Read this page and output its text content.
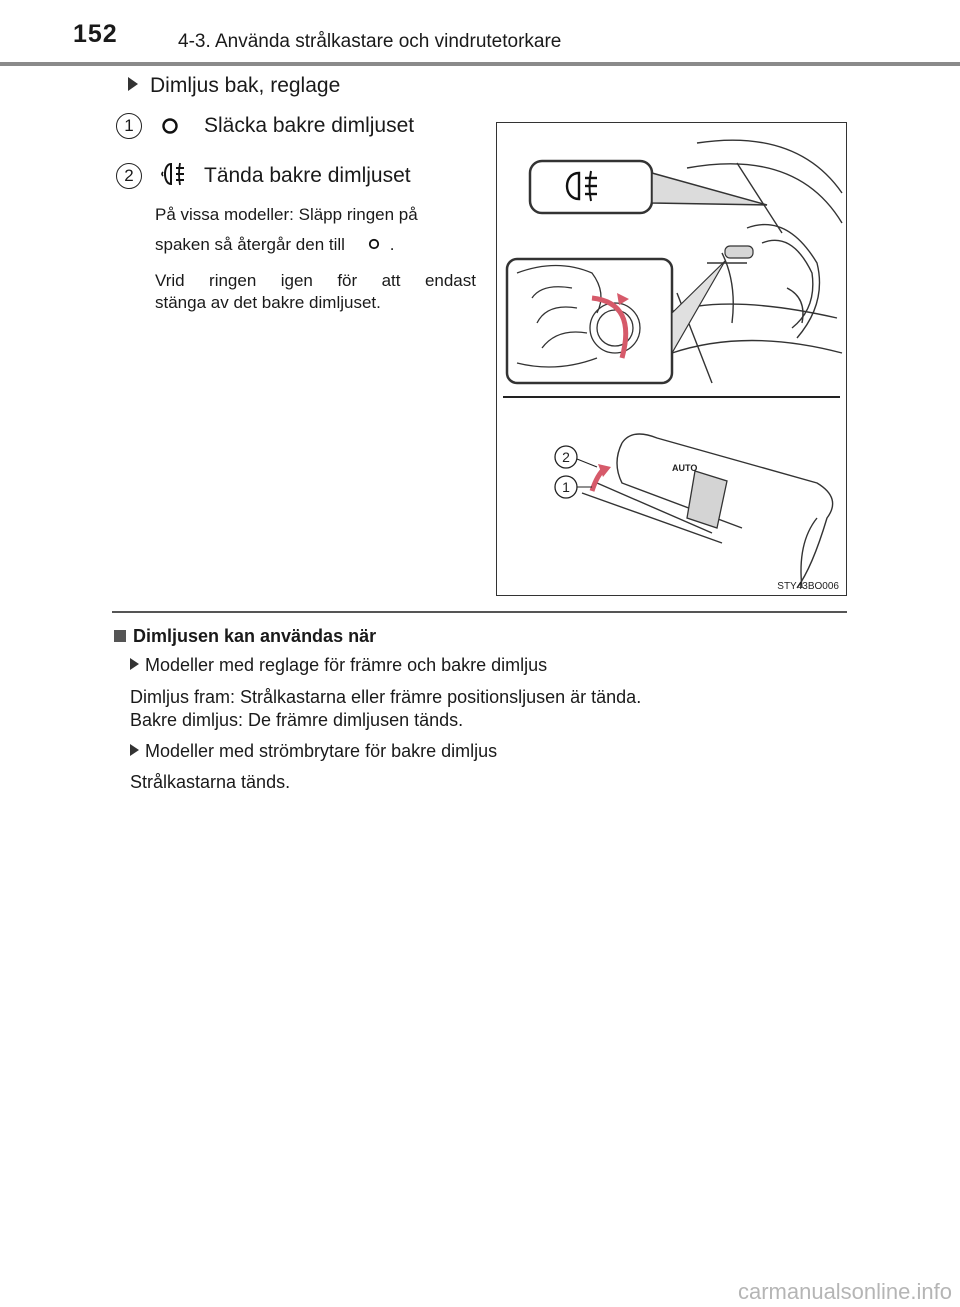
152	4-3. Använda strålkastare och vindrutetorkare
Dimljus bak, reglage
1	Släcka bakre dimljuset
2	Tända bakre dimljuset
På vissa modeller: Släpp ringen på
spaken så återgår den till	.
Vrid ringen igen för att endast
stänga av det bakre dimljuset.
AUTO
2
1
STY43BO006
Dimljusen kan användas när
Modeller med reglage för främre och bakre dimljus
Dimljus fram: Strålkastarna eller främre positionsljusen är tända.
Bakre dimljus: De främre dimljusen tänds.
Modeller med strömbrytare för bakre dimljus
Strålkastarna tänds.
carmanualsonline.info
